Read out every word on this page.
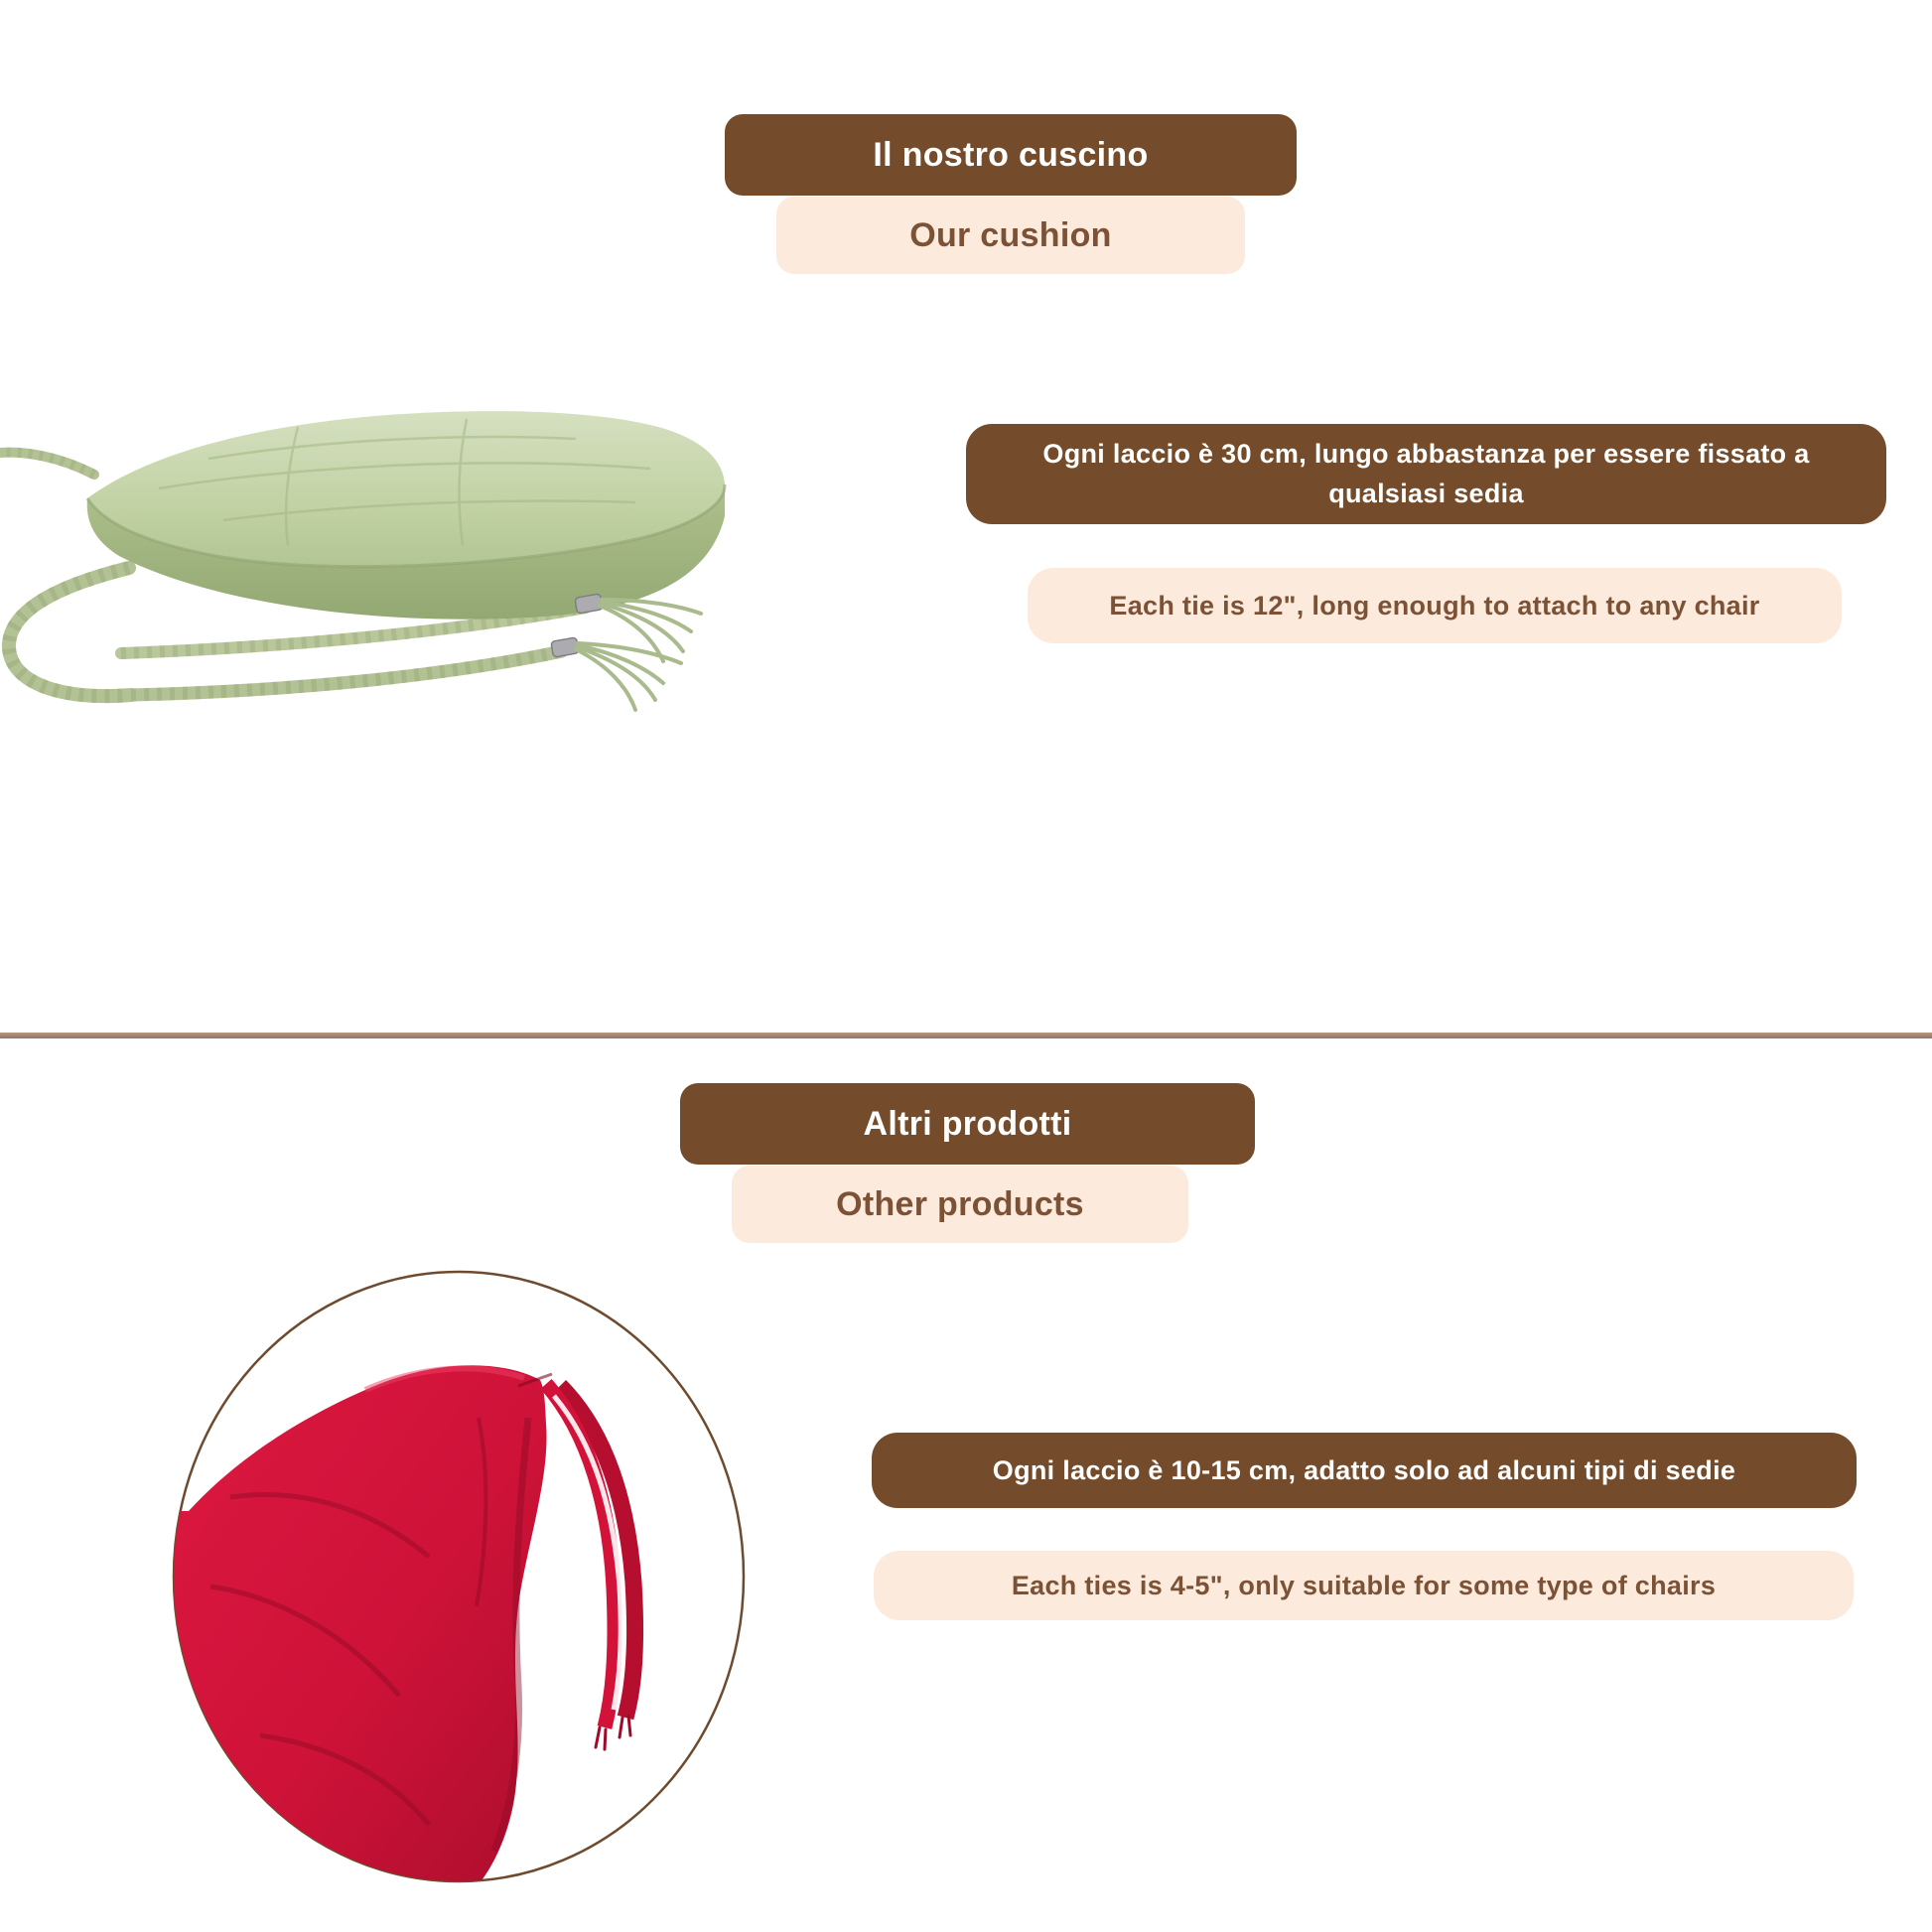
Il nostro cuscino
Our cushion
Ogni laccio è 30 cm, lungo abbastanza per essere fissato a qualsiasi sedia
Each tie is 12", long enough to attach to any chair
Altri prodotti
Other products
Ogni laccio è 10-15 cm, adatto solo ad alcuni tipi di sedie
Each ties is 4-5", only suitable for some type of chairs
